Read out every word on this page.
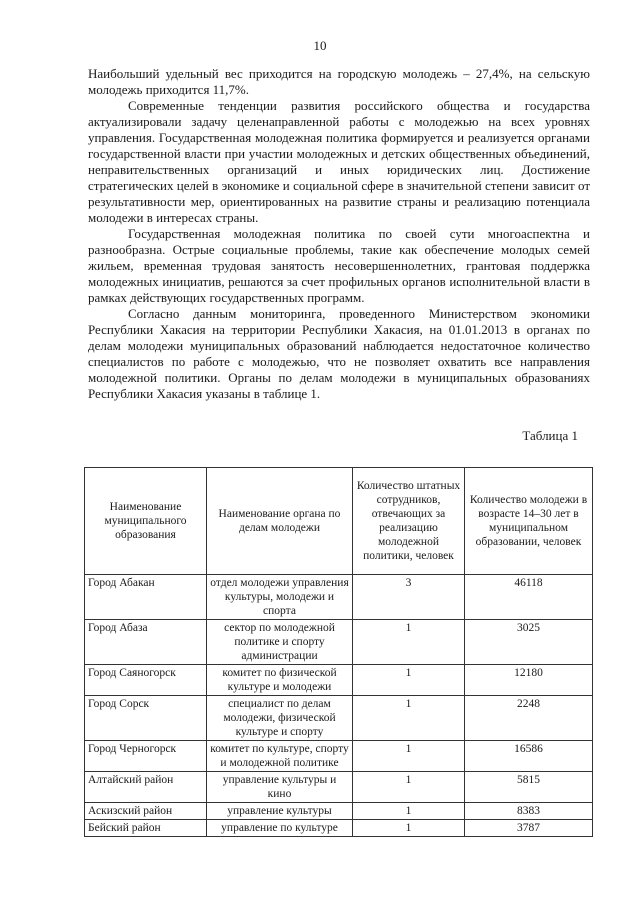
10

Наибольший удельный вес приходится на городскую молодежь – 27,4%, на сельскую молодежь приходится 11,7%.

Современные тенденции развития российского общества и государства актуализировали задачу целенаправленной работы с молодежью на всех уровнях управления. Государственная молодежная политика формируется и реализуется органами государственной власти при участии молодежных и детских общественных объединений, неправительственных организаций и иных юридических лиц. Достижение стратегических целей в экономике и социальной сфере в значительной степени зависит от результативности мер, ориентированных на развитие страны и реализацию потенциала молодежи в интересах страны.

Государственная молодежная политика по своей сути многоаспектна и разнообразна. Острые социальные проблемы, такие как обеспечение молодых семей жильем, временная трудовая занятость несовершеннолетних, грантовая поддержка молодежных инициатив, решаются за счет профильных органов исполнительной власти в рамках действующих государственных программ.

Согласно данным мониторинга, проведенного Министерством экономики Республики Хакасия на территории Республики Хакасия, на 01.01.2013 в органах по делам молодежи муниципальных образований наблюдается недостаточное количество специалистов по работе с молодежью, что не позволяет охватить все направления молодежной политики. Органы по делам молодежи в муниципальных образованиях Республики Хакасия указаны в таблице 1.

Таблица 1
Наименование муниципального образования	Наименование органа по делам молодежи	Количество штатных сотрудников, отвечающих за реализацию молодежной политики, человек	Количество молодежи в возрасте 14–30 лет в муниципальном образовании, человек
Город Абакан	отдел молодежи управления культуры, молодежи и спорта	3	46118
Город Абаза	сектор по молодежной политике и спорту администрации	1	3025
Город Саяногорск	комитет по физической культуре и молодежи	1	12180
Город Сорск	специалист по делам молодежи, физической культуре и спорту	1	2248
Город Черногорск	комитет по культуре, спорту и молодежной политике	1	16586
Алтайский район	управление культуры и кино	1	5815
Аскизский район	управление культуры	1	8383
Бейский район	управление по культуре	1	3787
